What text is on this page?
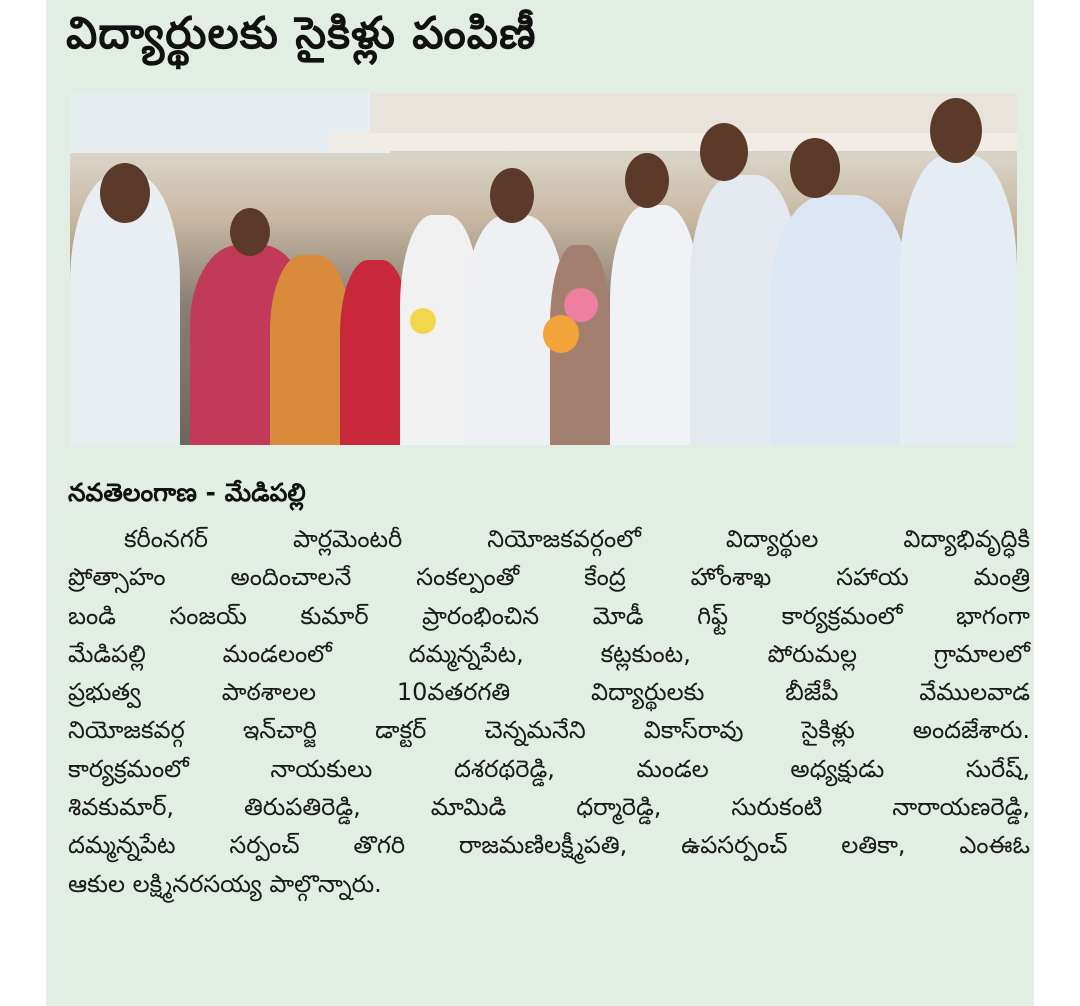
విద్యార్థులకు సైకిళ్లు పంపిణీ
నవతెలంగాణ - మేడిపల్లి
కరీంనగర్ పార్లమెంటరీ నియోజకవర్గంలో విద్యార్థుల విద్యాభివృద్ధికి
ప్రోత్సాహం అందించాలనే సంకల్పంతో కేంద్ర హోంశాఖ సహాయ మంత్రి
బండి సంజయ్ కుమార్ ప్రారంభించిన మోడీ గిఫ్ట్ కార్యక్రమంలో భాగంగా
మేడిపల్లి మండలంలో దమ్మన్నపేట, కట్లకుంట, పోరుమల్ల గ్రామాలలో
ప్రభుత్వ పాఠశాలల 10వతరగతి విద్యార్థులకు బీజేపీ వేములవాడ
నియోజకవర్గ ఇన్‌చార్జి డాక్టర్ చెన్నమనేని వికాస్‌రావు సైకిళ్లు అందజేశారు.
కార్యక్రమంలో నాయకులు దశరథరెడ్డి, మండల అధ్యక్షుడు సురేష్,
శివకుమార్, తిరుపతిరెడ్డి, మామిడి ధర్మారెడ్డి, సురుకంటి నారాయణరెడ్డి,
దమ్మన్నపేట సర్పంచ్ తొగరి రాజమణిలక్ష్మీపతి, ఉపసర్పంచ్ లతికా, ఎంఈఓ
ఆకుల లక్ష్మినరసయ్య పాల్గొన్నారు.
